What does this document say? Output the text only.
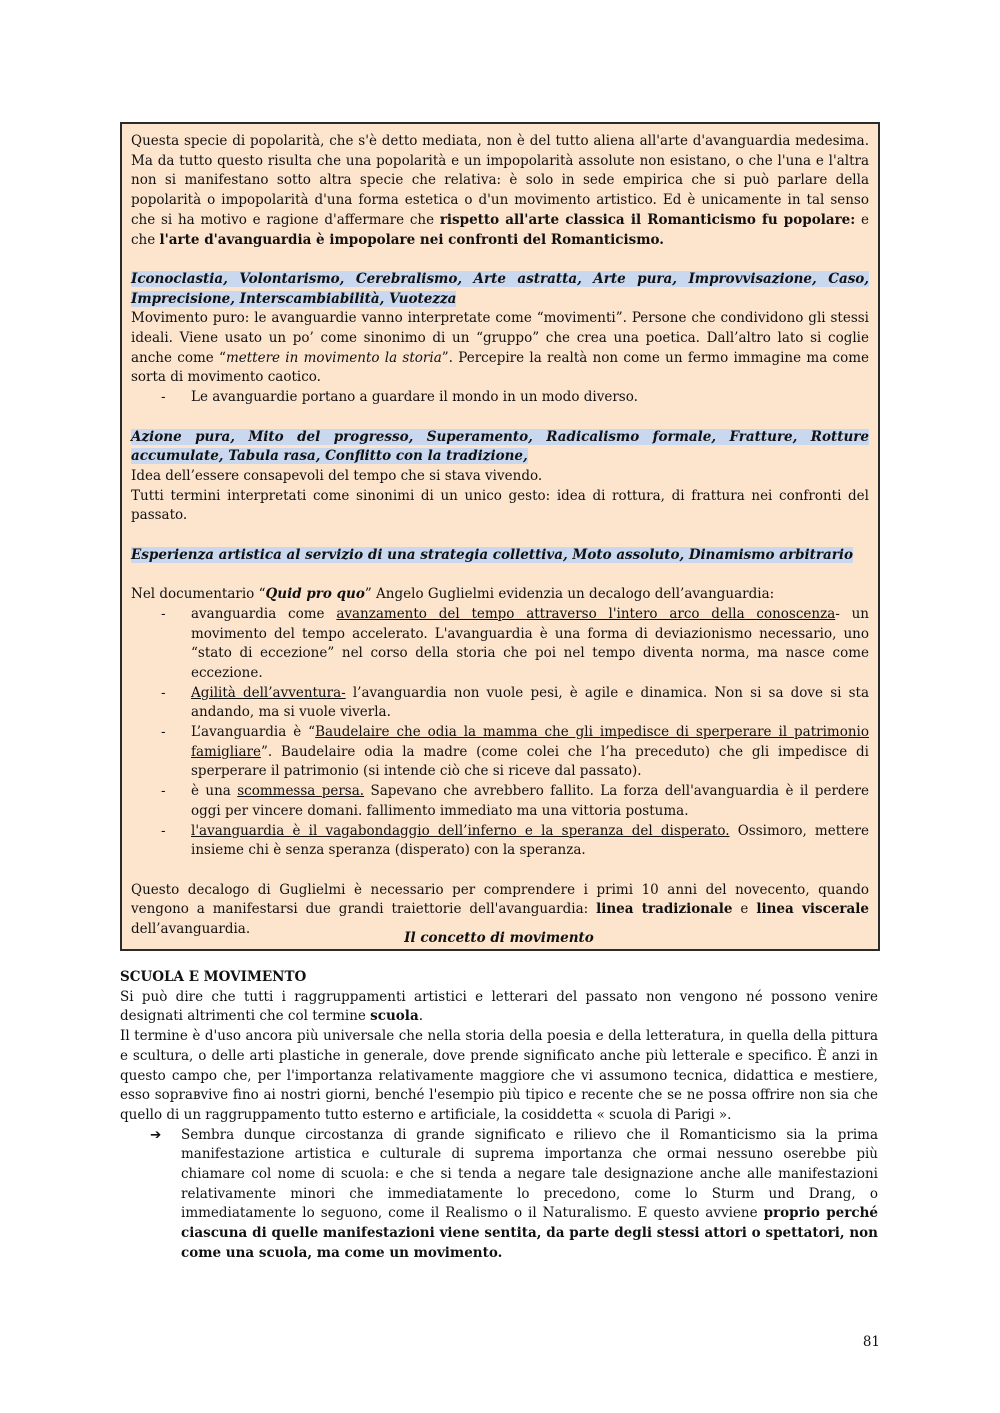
Questa specie di popolarità, che s'è detto mediata, non è del tutto aliena all'arte d'avanguardia medesima. Ma da tutto questo risulta che una popolarità e un impopolarità assolute non esistano, o che l'una e l'altra non si manifestano sotto altra specie che relativa: è solo in sede empirica che si può parlare della popolarità o impopolarità d'una forma estetica o d'un movimento artistico. Ed è unicamente in tal senso che si ha motivo e ragione d'affermare che rispetto all'arte classica il Romanticismo fu popolare: e che l'arte d'avanguardia è impopolare nei confronti del Romanticismo.

Iconoclastia, Volontarismo, Cerebralismo, Arte astratta, Arte pura, Improvvisazione, Caso, Imprecisione, Interscambiabilità, Vuotezza

Movimento puro: le avanguardie vanno interpretate come “movimenti”. Persone che condividono gli stessi ideali. Viene usato un po’ come sinonimo di un “gruppo” che crea una poetica. Dall’altro lato si coglie anche come “mettere in movimento la storia”. Percepire la realtà non come un fermo immagine ma come sorta di movimento caotico.

- Le avanguardie portano a guardare il mondo in un modo diverso.

Azione pura, Mito del progresso, Superamento, Radicalismo formale, Fratture, Rotture accumulate, Tabula rasa, Conflitto con la tradizione,

Idea dell’essere consapevoli del tempo che si stava vivendo.

Tutti termini interpretati come sinonimi di un unico gesto: idea di rottura, di frattura nei confronti del passato.

Esperienza artistica al servizio di una strategia collettiva, Moto assoluto, Dinamismo arbitrario

Nel documentario “Quid pro quo” Angelo Guglielmi evidenzia un decalogo dell’avanguardia:

- avanguardia come avanzamento del tempo attraverso l'intero arco della conoscenza- un movimento del tempo accelerato. L'avanguardia è una forma di deviazionismo necessario, uno “stato di eccezione” nel corso della storia che poi nel tempo diventa norma, ma nasce come eccezione.
- Agilità dell’avventura- l’avanguardia non vuole pesi, è agile e dinamica. Non si sa dove si sta andando, ma si vuole viverla.
- L’avanguardia è “Baudelaire che odia la mamma che gli impedisce di sperperare il patrimonio famigliare”. Baudelaire odia la madre (come colei che l’ha preceduto) che gli impedisce di sperperare il patrimonio (si intende ciò che si riceve dal passato).
- è una scommessa persa. Sapevano che avrebbero fallito. La forza dell'avanguardia è il perdere oggi per vincere domani. fallimento immediato ma una vittoria postuma.
- l'avanguardia è il vagabondaggio dell’inferno e la speranza del disperato. Ossimoro, mettere insieme chi è senza speranza (disperato) con la speranza.

Questo decalogo di Guglielmi è necessario per comprendere i primi 10 anni del novecento, quando vengono a manifestarsi due grandi traiettorie dell'avanguardia: linea tradizionale e linea viscerale dell’avanguardia.

Il concetto di movimento

SCUOLA E MOVIMENTO

Si può dire che tutti i raggruppamenti artistici e letterari del passato non vengono né possono venire designati altrimenti che col termine scuola.

Il termine è d'uso ancora più universale che nella storia della poesia e della letteratura, in quella della pittura e scultura, o delle arti plastiche in generale, dove prende significato anche più letterale e specifico. È anzi in questo campo che, per l'importanza relativamente maggiore che vi assumono tecnica, didattica e mestiere, esso soprавvive fino ai nostri giorni, benché l'esempio più tipico e recente che se ne possa offrire non sia che quello di un raggruppamento tutto esterno e artificiale, la cosiddetta « scuola di Parigi ».

➔ Sembra dunque circostanza di grande significato e rilievo che il Romanticismo sia la prima manifestazione artistica e culturale di suprema importanza che ormai nessuno oserebbe più chiamare col nome di scuola: e che si tenda a negare tale designazione anche alle manifestazioni relativamente minori che immediatamente lo precedono, come lo Sturm und Drang, o immediatamente lo seguono, come il Realismo o il Naturalismo. E questo avviene proprio perché ciascuna di quelle manifestazioni viene sentita, da parte degli stessi attori o spettatori, non come una scuola, ma come un movimento.

81
